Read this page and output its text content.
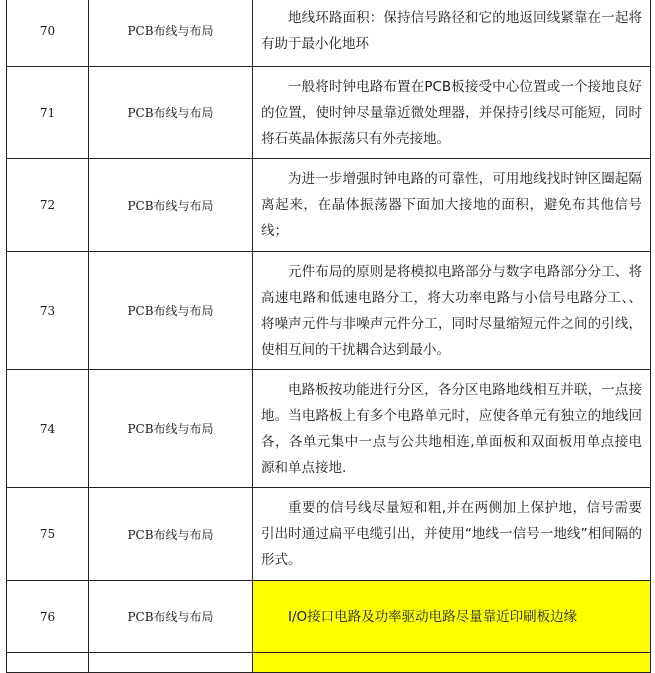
70	PCB布线与布局	地线环路面积：保持信号路径和它的地返回线紧靠在一起将有助于最小化地环
71	PCB布线与布局	一般将时钟电路布置在PCB板接受中心位置或一个接地良好的位置，使时钟尽量靠近微处理器，并保持引线尽可能短，同时将石英晶体振荡只有外壳接地。
72	PCB布线与布局	为进一步增强时钟电路的可靠性，可用地线找时钟区圈起隔离起来，在晶体振荡器下面加大接地的面积，避免布其他信号线；
73	PCB布线与布局	元件布局的原则是将模拟电路部分与数字电路部分分工、将高速电路和低速电路分工，将大功率电路与小信号电路分工、、将噪声元件与非噪声元件分工，同时尽量缩短元件之间的引线，使相互间的干扰耦合达到最小。
74	PCB布线与布局	电路板按功能进行分区，各分区电路地线相互并联，一点接地。当电路板上有多个电路单元时，应使各单元有独立的地线回各，各单元集中一点与公共地相连,单面板和双面板用单点接电源和单点接地.
75	PCB布线与布局	重要的信号线尽量短和粗,并在两侧加上保护地，信号需要引出时通过扁平电缆引出，并使用“地线一信号一地线”相间隔的形式。
76	PCB布线与布局	I/O接口电路及功率驱动电路尽量靠近印刷板边缘
